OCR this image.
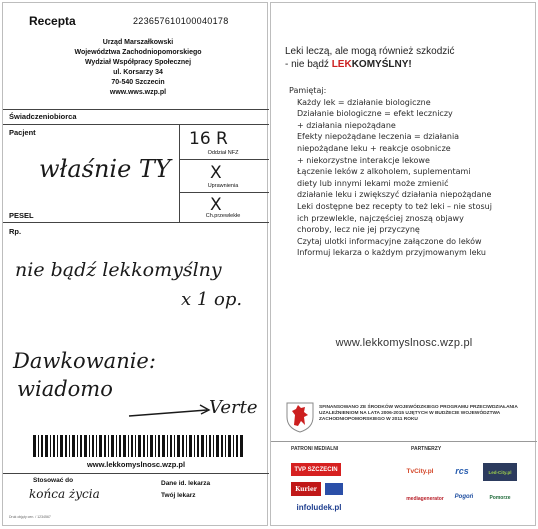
Recepta	223657610100040178
Urząd Marszałkowski
Województwa Zachodniopomorskiego
Wydział Współpracy Społecznej
ul. Korsarzy 34
70-540 Szczecin
www.wws.wzp.pl
Świadczeniobiorca
Pacjent
właśnie TY
16 R
Oddział NFZ
X
Uprawnienia
X
Ch.przewlekłe
PESEL
Rp.
nie bądź lekkomyślny
x 1 op.
Dawkowanie:
wiadomo
Verte
www.lekkomyslnosc.wzp.pl
Stosować do
końca życia
Dane id. lekarza
Twój lekarz
Druk objęty cen. / 1234567
Leki leczą, ale mogą również szkodzić
- nie bądź LEKKOMYŚLNY!
Pamiętaj:
Każdy lek = działanie biologiczne
Działanie biologiczne = efekt leczniczy
+ działania niepożądane
Efekty niepożądane leczenia = działania
niepożądane leku + reakcje osobnicze
+ niekorzystne interakcje lekowe
Łączenie leków z alkoholem, suplementami
diety lub innymi lekami może zmienić
działanie leku i zwiększyć działania niepożądane
Leki dostępne bez recepty to też leki – nie stosuj
ich przewlekle, najczęściej znoszą objawy
choroby, lecz nie jej przyczynę
Czytaj ulotki informacyjne załączone do leków
Informuj lekarza o każdym przyjmowanym leku
www.lekkomyslnosc.wzp.pl
SFINANSOWANO ZE ŚRODKÓW WOJEWÓDZKIEGO PROGRAMU PRZECIWDZIAŁANIA UZALEŻNIENIOM NA LATA 2006-2015 UJĘTYCH W BUDŻECIE WOJEWÓDZTWA ZACHODNIOPOMORSKIEGO W 2011 ROKU
PATRONI MEDIALNI	PARTNERZY
TVP SZCZECIN
Kurier
infoludek.pl
TvCity.pl	rcs	Led-City.pl
mediagenerator	Pogoń	Pomorze
